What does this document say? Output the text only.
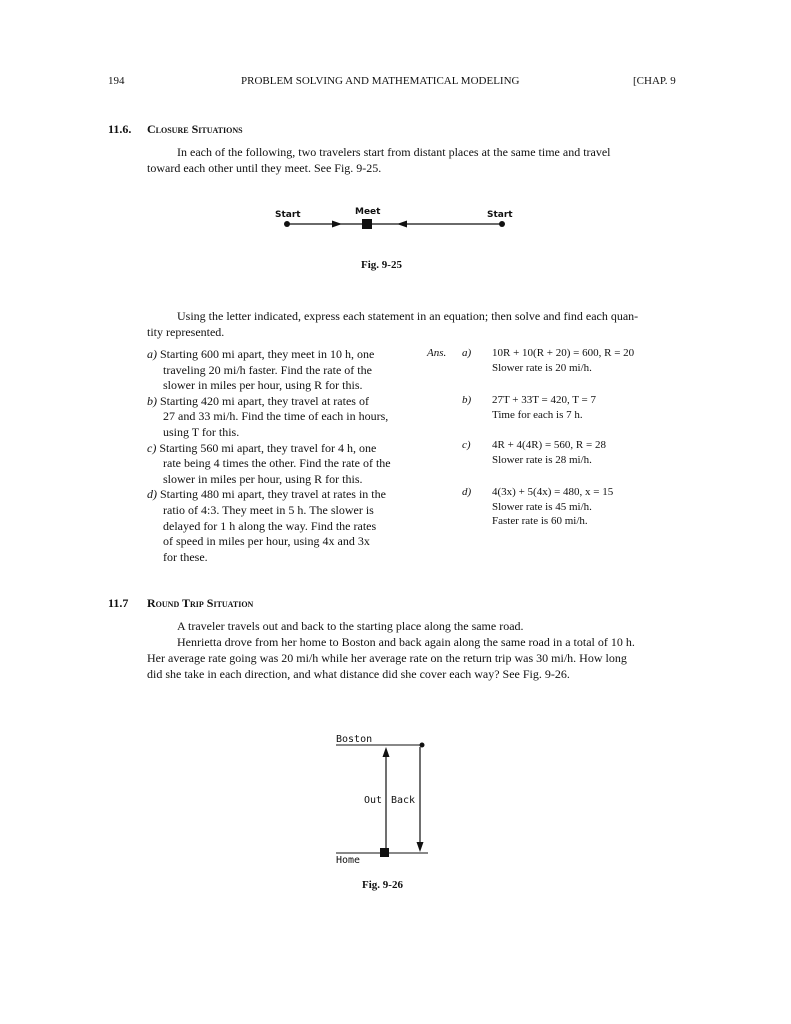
194	PROBLEM SOLVING AND MATHEMATICAL MODELING	[CHAP. 9
11.6. Closure Situations
In each of the following, two travelers start from distant places at the same time and travel
toward each other until they meet. See Fig. 9-25.
Start	Meet	Start
Fig. 9-25
Using the letter indicated, express each statement in an equation; then solve and find each quan-
tity represented.
a) Starting 600 mi apart, they meet in 10 h, one
traveling 20 mi/h faster. Find the rate of the
slower in miles per hour, using R for this.
b) Starting 420 mi apart, they travel at rates of
27 and 33 mi/h. Find the time of each in hours,
using T for this.
c) Starting 560 mi apart, they travel for 4 h, one
rate being 4 times the other. Find the rate of the
slower in miles per hour, using R for this.
d) Starting 480 mi apart, they travel at rates in the
ratio of 4:3. They meet in 5 h. The slower is
delayed for 1 h along the way. Find the rates
of speed in miles per hour, using 4x and 3x
for these.
Ans. a) 10R + 10(R + 20) = 600, R = 20
Slower rate is 20 mi/h.
b) 27T + 33T = 420, T = 7
Time for each is 7 h.
c) 4R + 4(4R) = 560, R = 28
Slower rate is 28 mi/h.
d) 4(3x) + 5(4x) = 480, x = 15
Slower rate is 45 mi/h.
Faster rate is 60 mi/h.
11.7 Round Trip Situation
A traveler travels out and back to the starting place along the same road.
Henrietta drove from her home to Boston and back again along the same road in a total of 10 h.
Her average rate going was 20 mi/h while her average rate on the return trip was 30 mi/h. How long
did she take in each direction, and what distance did she cover each way? See Fig. 9-26.
Boston
Out Back
Home
Fig. 9-26
